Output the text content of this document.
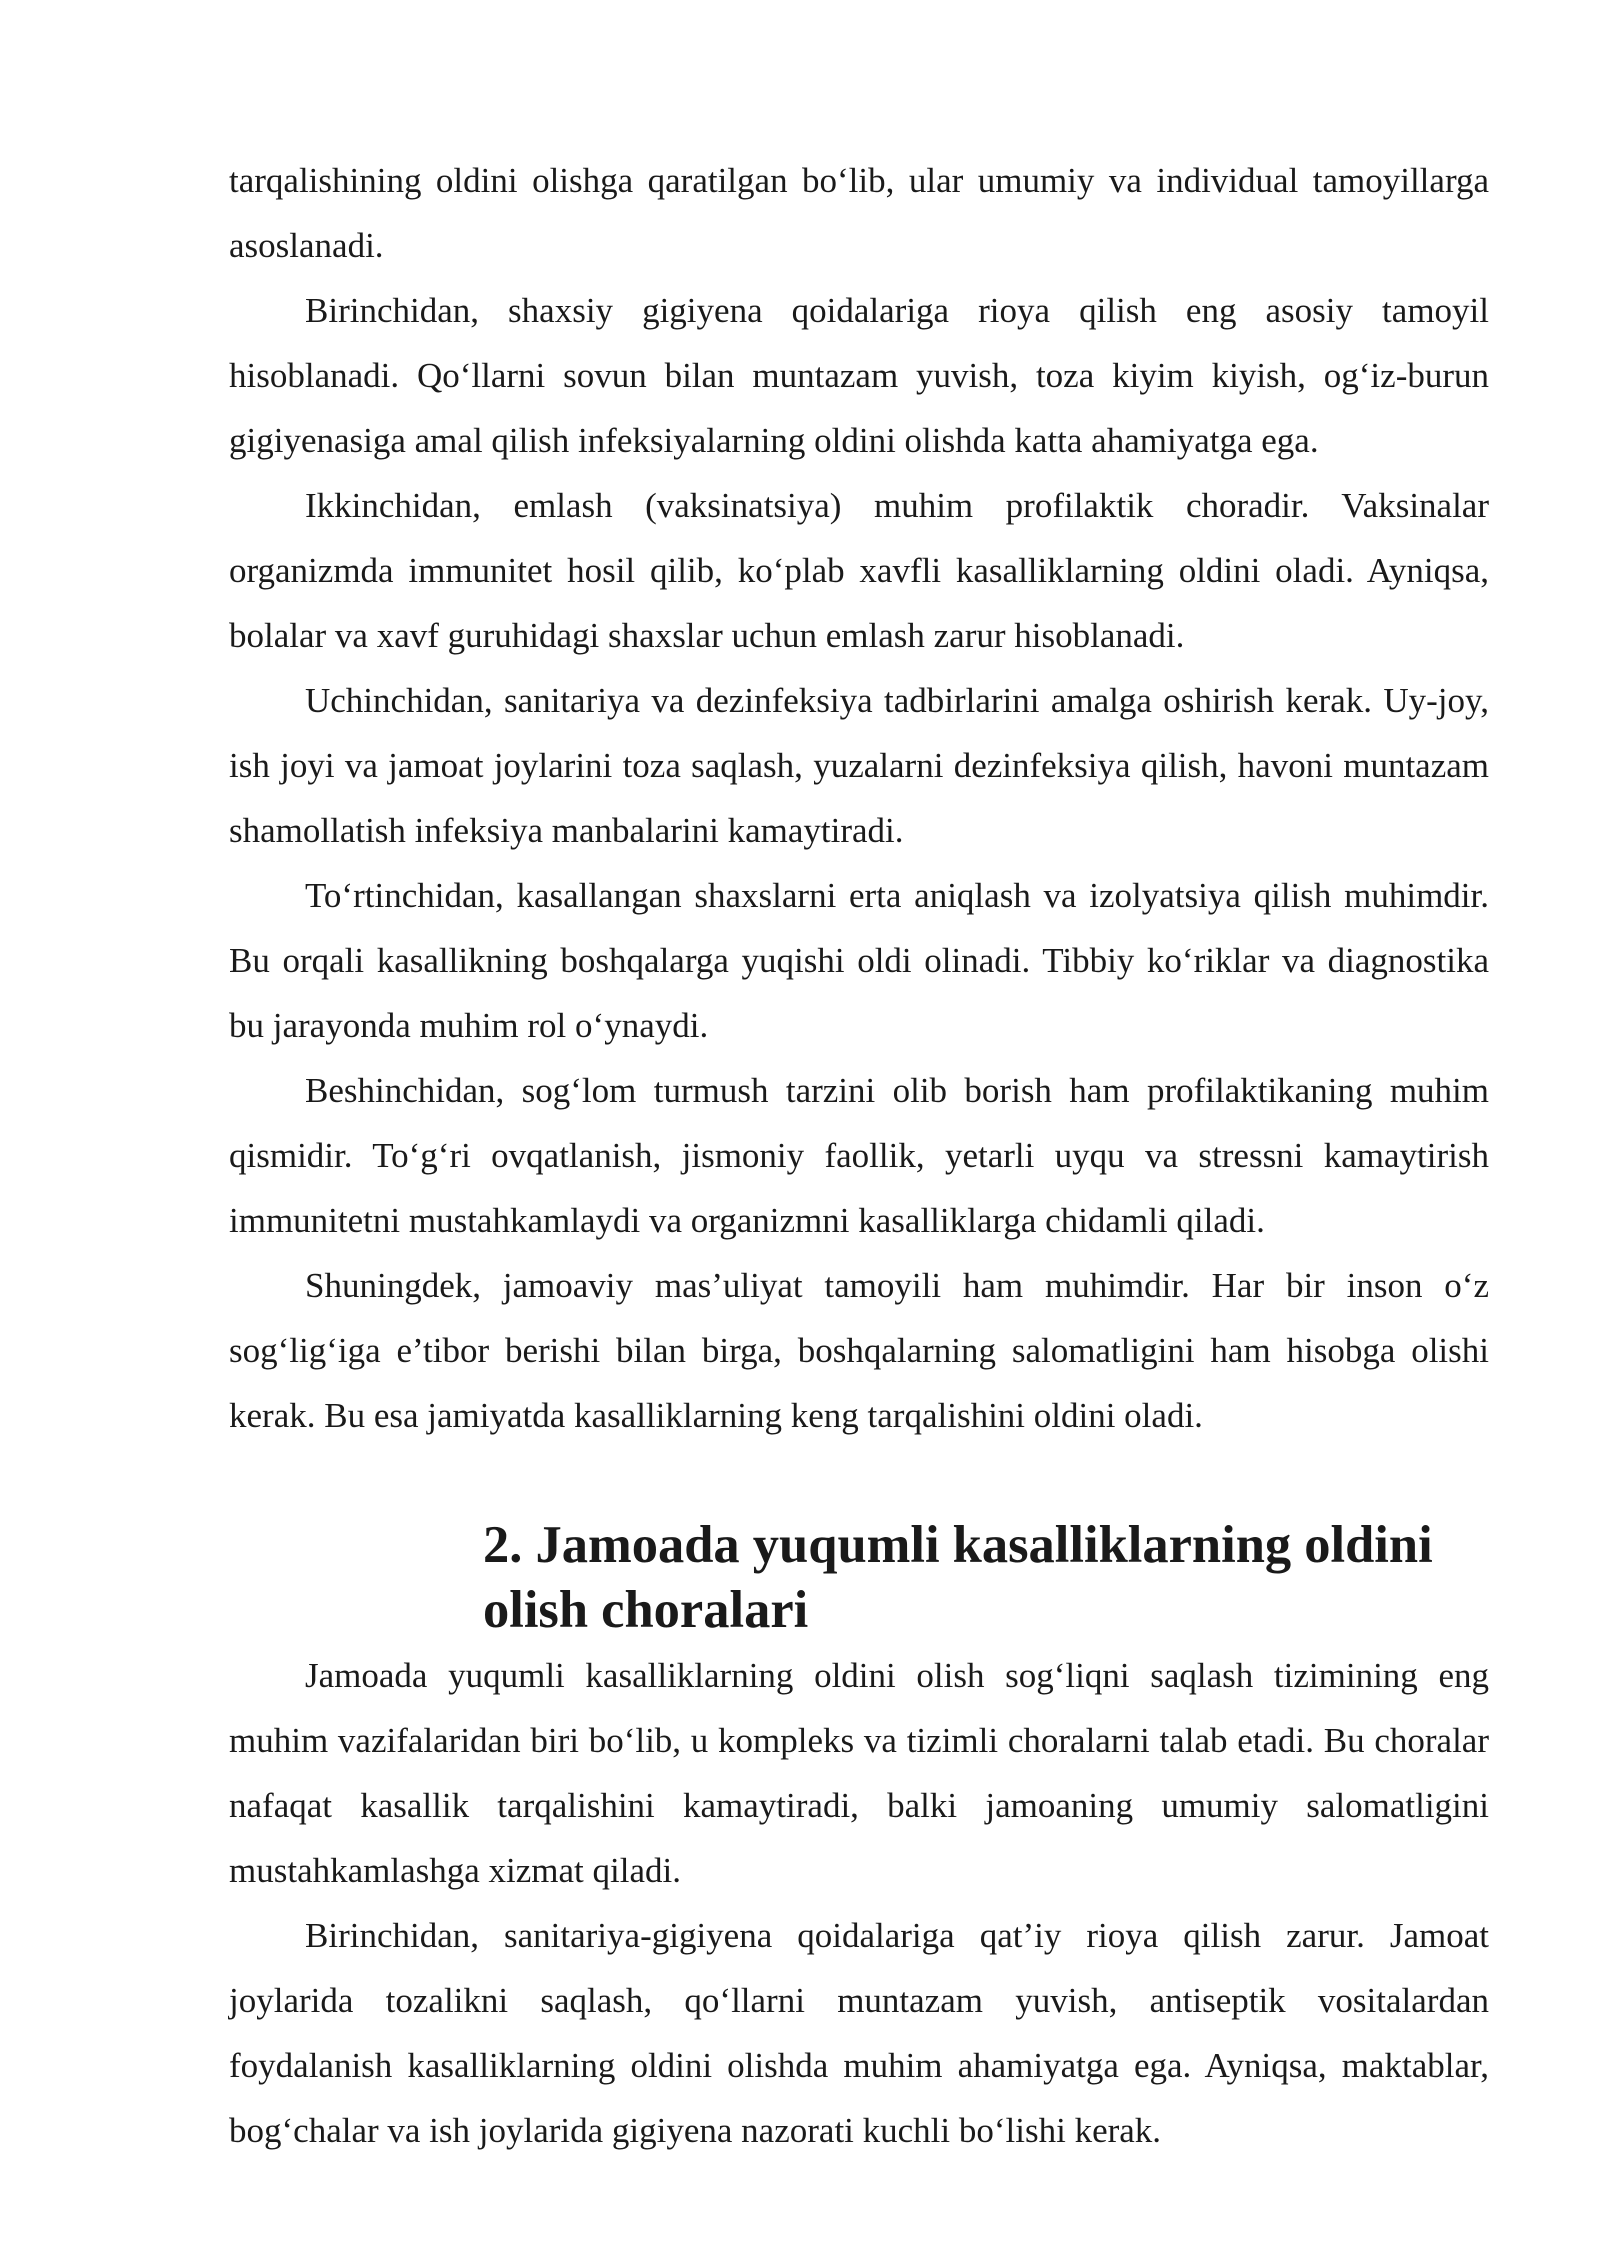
tarqalishining oldini olishga qaratilgan bo‘lib, ular umumiy va individual tamoyillarga asoslanadi.

Birinchidan, shaxsiy gigiyena qoidalariga rioya qilish eng asosiy tamoyil hisoblanadi. Qo‘llarni sovun bilan muntazam yuvish, toza kiyim kiyish, og‘iz-burun gigiyenasiga amal qilish infeksiyalarning oldini olishda katta ahamiyatga ega.

Ikkinchidan, emlash (vaksinatsiya) muhim profilaktik choradir. Vaksinalar organizmda immunitet hosil qilib, ko‘plab xavfli kasalliklarning oldini oladi. Ayniqsa, bolalar va xavf guruhidagi shaxslar uchun emlash zarur hisoblanadi.

Uchinchidan, sanitariya va dezinfeksiya tadbirlarini amalga oshirish kerak. Uy-joy, ish joyi va jamoat joylarini toza saqlash, yuzalarni dezinfeksiya qilish, havoni muntazam shamollatish infeksiya manbalarini kamaytiradi.

To‘rtinchidan, kasallangan shaxslarni erta aniqlash va izolyatsiya qilish muhimdir. Bu orqali kasallikning boshqalarga yuqishi oldi olinadi. Tibbiy ko‘riklar va diagnostika bu jarayonda muhim rol o‘ynaydi.

Beshinchidan, sog‘lom turmush tarzini olib borish ham profilaktikaning muhim qismidir. To‘g‘ri ovqatlanish, jismoniy faollik, yetarli uyqu va stressni kamaytirish immunitetni mustahkamlaydi va organizmni kasalliklarga chidamli qiladi.

Shuningdek, jamoaviy mas’uliyat tamoyili ham muhimdir. Har bir inson o‘z sog‘lig‘iga e’tibor berishi bilan birga, boshqalarning salomatligini ham hisobga olishi kerak. Bu esa jamiyatda kasalliklarning keng tarqalishini oldini oladi.

2. Jamoada yuqumli kasalliklarning oldini olish choralari

Jamoada yuqumli kasalliklarning oldini olish sog‘liqni saqlash tizimining eng muhim vazifalaridan biri bo‘lib, u kompleks va tizimli choralarni talab etadi. Bu choralar nafaqat kasallik tarqalishini kamaytiradi, balki jamoaning umumiy salomatligini mustahkamlashga xizmat qiladi.

Birinchidan, sanitariya-gigiyena qoidalariga qat’iy rioya qilish zarur. Jamoat joylarida tozalikni saqlash, qo‘llarni muntazam yuvish, antiseptik vositalardan foydalanish kasalliklarning oldini olishda muhim ahamiyatga ega. Ayniqsa, maktablar, bog‘chalar va ish joylarida gigiyena nazorati kuchli bo‘lishi kerak.
